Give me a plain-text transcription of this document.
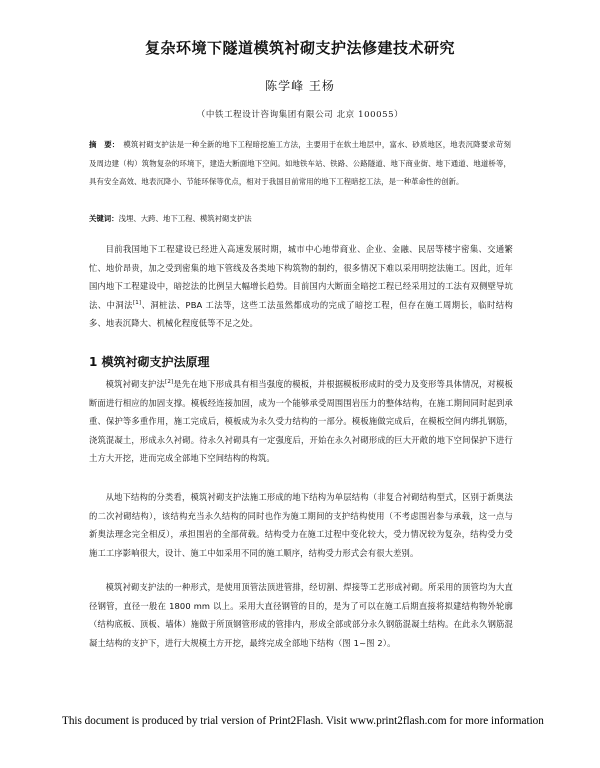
复杂环境下隧道模筑衬砌支护法修建技术研究
陈学峰 王杨
（中铁工程设计咨询集团有限公司 北京 100055）
摘　要： 模筑衬砌支护法是一种全新的地下工程暗挖施工方法，主要用于在软土地层中，富水、砂质地区，地表沉降要求苛刻及周边建（构）筑物复杂的环境下，建造大断面地下空间。如地铁车站、铁路、公路隧道、地下商业街、地下通道、地道桥等，具有安全高效、地表沉降小、节能环保等优点，相对于我国目前常用的地下工程暗挖工法，是一种革命性的创新。
关键词：浅埋、大跨、地下工程、模筑衬砌支护法

目前我国地下工程建设已经进入高速发展时期，城市中心地带商业、企业、金融、民居等楼宇密集、交通繁忙、地价昂贵，加之受到密集的地下管线及各类地下构筑物的制约，很多情况下难以采用明挖法施工。因此，近年国内地下工程建设中，暗挖法的比例呈大幅增长趋势。目前国内大断面全暗挖工程已经采用过的工法有双侧壁导坑法、中洞法[1]、洞桩法、PBA 工法等，这些工法虽然都成功的完成了暗挖工程，但存在施工周期长，临时结构多、地表沉降大、机械化程度低等不足之处。

1 模筑衬砌支护法原理

模筑衬砌支护法[2]是先在地下形成具有相当强度的模板，并根据模板形成时的受力及变形等具体情况，对模板断面进行相应的加固支撑。模板经连接加固，成为一个能够承受周围围岩压力的整体结构，在施工期间同时起到承重、保护等多重作用，施工完成后，模板成为永久受力结构的一部分。模板施做完成后，在模板空间内绑扎钢筋，浇筑混凝土，形成永久衬砌。待永久衬砌具有一定强度后，开始在永久衬砌形成的巨大开敞的地下空间保护下进行土方大开挖，进而完成全部地下空间结构的构筑。

从地下结构的分类看，模筑衬砌支护法施工形成的地下结构为单层结构（非复合衬砌结构型式，区别于新奥法的二次衬砌结构），该结构充当永久结构的同时也作为施工期间的支护结构使用（不考虑围岩参与承载，这一点与新奥法理念完全相反），承担围岩的全部荷载。结构受力在施工过程中变化较大，受力情况较为复杂，结构受力受施工工序影响很大，设计、施工中如采用不同的施工顺序，结构受力形式会有很大差别。

模筑衬砌支护法的一种形式，是使用顶管法顶进管排，经切割、焊接等工艺形成衬砌。所采用的顶管均为大直径钢管，直径一般在 1800 mm 以上。采用大直径钢管的目的，是为了可以在施工后期直接将拟建结构物外轮廓（结构底板、顶板、墙体）施做于所顶钢管形成的管排内，形成全部或部分永久钢筋混凝土结构。在此永久钢筋混凝土结构的支护下，进行大规模土方开挖，最终完成全部地下结构（图 1~图 2）。

This document is produced by trial version of Print2Flash. Visit www.print2flash.com for more information
